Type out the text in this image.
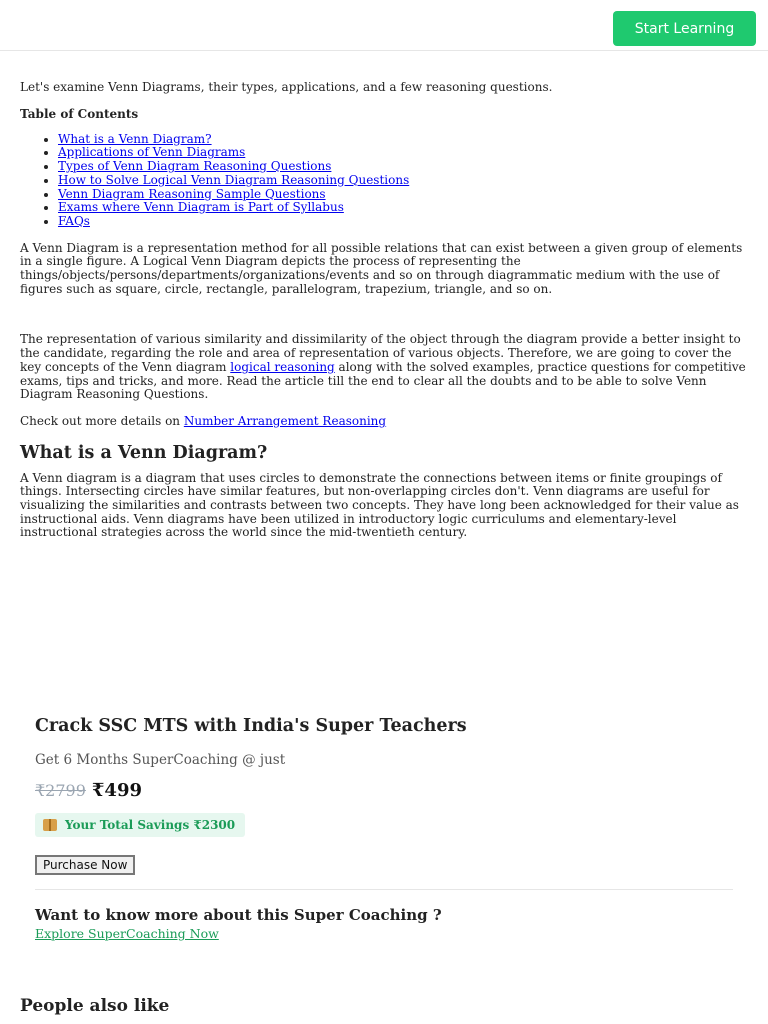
Start Learning

Let's examine Venn Diagrams, their types, applications, and a few reasoning questions.

Table of Contents
• What is a Venn Diagram?
• Applications of Venn Diagrams
• Types of Venn Diagram Reasoning Questions
• How to Solve Logical Venn Diagram Reasoning Questions
• Venn Diagram Reasoning Sample Questions
• Exams where Venn Diagram is Part of Syllabus
• FAQs

A Venn Diagram is a representation method for all possible relations that can exist between a given group of elements in a single figure. A Logical Venn Diagram depicts the process of representing the things/objects/persons/departments/organizations/events and so on through diagrammatic medium with the use of figures such as square, circle, rectangle, parallelogram, trapezium, triangle, and so on.

The representation of various similarity and dissimilarity of the object through the diagram provide a better insight to the candidate, regarding the role and area of representation of various objects. Therefore, we are going to cover the key concepts of the Venn diagram logical reasoning along with the solved examples, practice questions for competitive exams, tips and tricks, and more. Read the article till the end to clear all the doubts and to be able to solve Venn Diagram Reasoning Questions.

Check out more details on Number Arrangement Reasoning

What is a Venn Diagram?

A Venn diagram is a diagram that uses circles to demonstrate the connections between items or finite groupings of things. Intersecting circles have similar features, but non-overlapping circles don't. Venn diagrams are useful for visualizing the similarities and contrasts between two concepts. They have long been acknowledged for their value as instructional aids. Venn diagrams have been utilized in introductory logic curriculums and elementary-level instructional strategies across the world since the mid-twentieth century.

Crack SSC MTS with India's Super Teachers
Get 6 Months SuperCoaching @ just
₹2799 ₹499
Your Total Savings ₹2300
Purchase Now
Want to know more about this Super Coaching ?
Explore SuperCoaching Now
People also like
